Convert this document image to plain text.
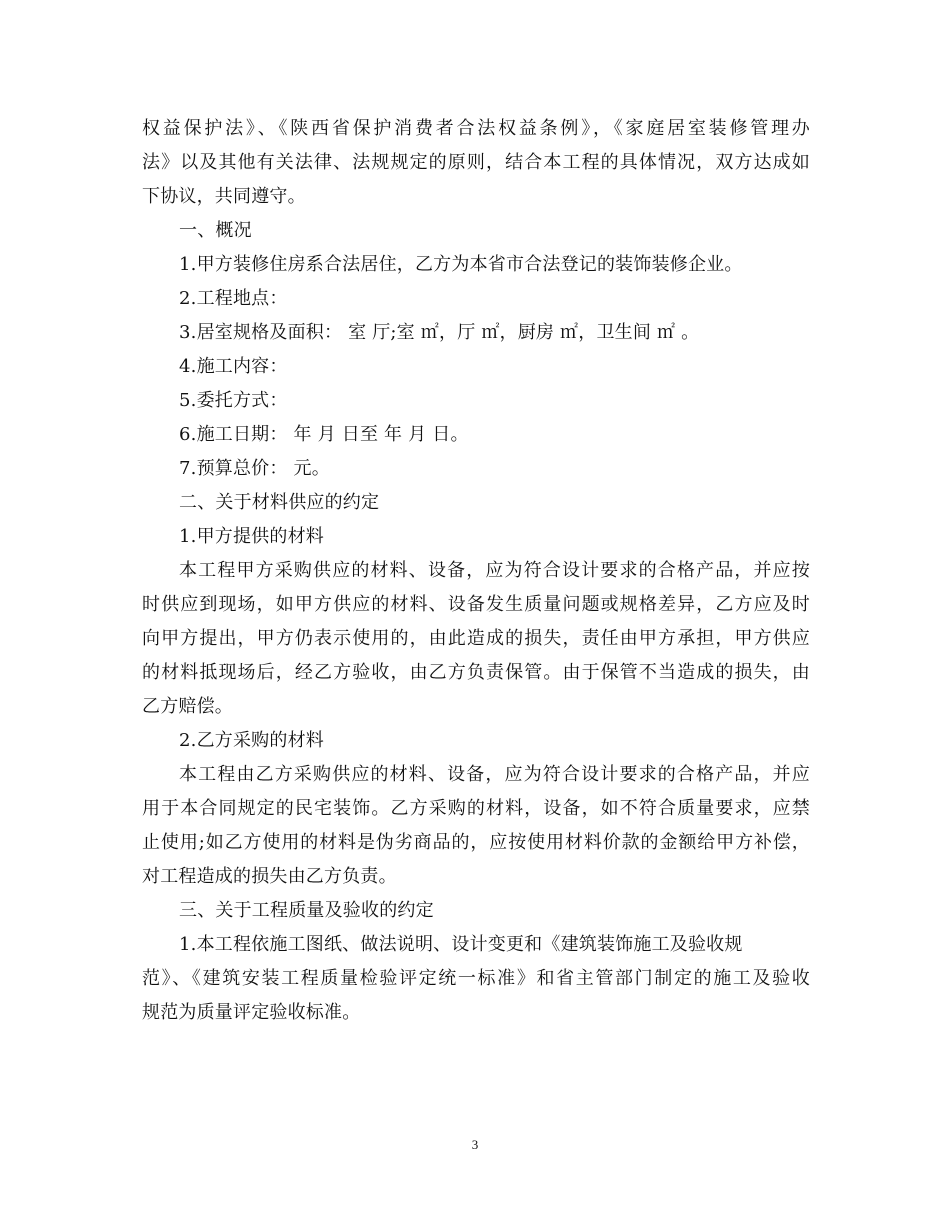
权益保护法》、《陕西省保护消费者合法权益条例》，《家庭居室装修管理办
法》以及其他有关法律、法规规定的原则，结合本工程的具体情况，双方达成如
下协议，共同遵守。
一、概况
1.甲方装修住房系合法居住，乙方为本省市合法登记的装饰装修企业。
2.工程地点：
3.居室规格及面积： 室 厅;室 ㎡，厅 ㎡，厨房 ㎡，卫生间 ㎡ 。
4.施工内容：
5.委托方式：
6.施工日期： 年 月 日至 年 月 日。
7.预算总价： 元。
二、关于材料供应的约定
1.甲方提供的材料
本工程甲方采购供应的材料、设备，应为符合设计要求的合格产品，并应按
时供应到现场，如甲方供应的材料、设备发生质量问题或规格差异，乙方应及时
向甲方提出，甲方仍表示使用的，由此造成的损失，责任由甲方承担，甲方供应
的材料抵现场后，经乙方验收，由乙方负责保管。由于保管不当造成的损失，由
乙方赔偿。
2.乙方采购的材料
本工程由乙方采购供应的材料、设备，应为符合设计要求的合格产品，并应
用于本合同规定的民宅装饰。乙方采购的材料，设备，如不符合质量要求，应禁
止使用;如乙方使用的材料是伪劣商品的，应按使用材料价款的金额给甲方补偿，
对工程造成的损失由乙方负责。
三、关于工程质量及验收的约定
1.本工程依施工图纸、做法说明、设计变更和《建筑装饰施工及验收规
范》、《建筑安装工程质量检验评定统一标准》和省主管部门制定的施工及验收
规范为质量评定验收标准。
3
